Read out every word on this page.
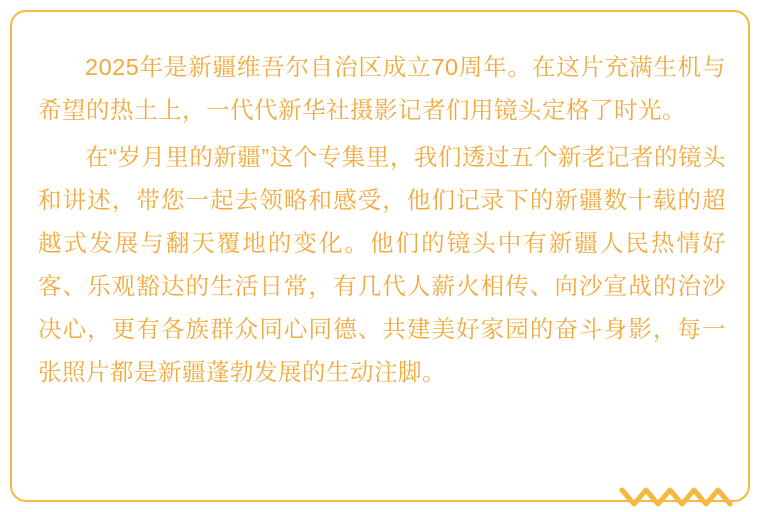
2025年是新疆维吾尔自治区成立70周年。在这片充满生机与希望的热土上，一代代新华社摄影记者们用镜头定格了时光。

在“岁月里的新疆”这个专集里，我们透过五个新老记者的镜头和讲述，带您一起去领略和感受，他们记录下的新疆数十载的超越式发展与翻天覆地的变化。他们的镜头中有新疆人民热情好客、乐观豁达的生活日常，有几代人薪火相传、向沙宣战的治沙决心，更有各族群众同心同德、共建美好家园的奋斗身影，每一张照片都是新疆蓬勃发展的生动注脚。
